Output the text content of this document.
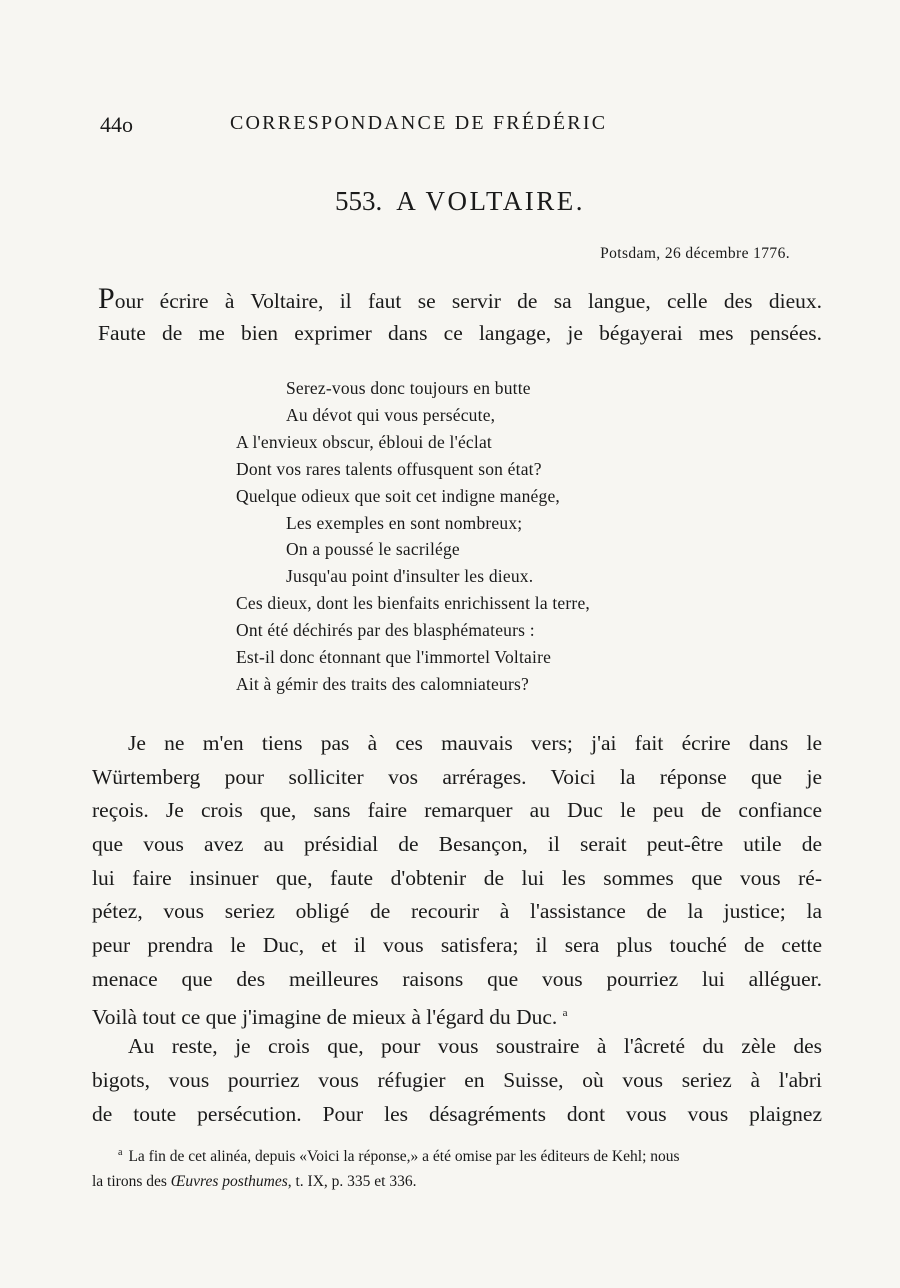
44o	CORRESPONDANCE DE FRÉDÉRIC
553. A VOLTAIRE.
Potsdam, 26 décembre 1776.
Pour écrire à Voltaire, il faut se servir de sa langue, celle des dieux.
Faute de me bien exprimer dans ce langage, je bégayerai mes pensées.
Serez-vous donc toujours en butte
Au dévot qui vous persécute,
A l'envieux obscur, ébloui de l'éclat
Dont vos rares talents offusquent son état?
Quelque odieux que soit cet indigne manége,
Les exemples en sont nombreux;
On a poussé le sacrilége
Jusqu'au point d'insulter les dieux.
Ces dieux, dont les bienfaits enrichissent la terre,
Ont été déchirés par des blasphémateurs :
Est-il donc étonnant que l'immortel Voltaire
Ait à gémir des traits des calomniateurs?
Je ne m'en tiens pas à ces mauvais vers; j'ai fait écrire dans le
Würtemberg pour solliciter vos arrérages. Voici la réponse que je
reçois. Je crois que, sans faire remarquer au Duc le peu de confiance
que vous avez au présidial de Besançon, il serait peut-être utile de
lui faire insinuer que, faute d'obtenir de lui les sommes que vous ré-
pétez, vous seriez obligé de recourir à l'assistance de la justice; la
peur prendra le Duc, et il vous satisfera; il sera plus touché de cette
menace que des meilleures raisons que vous pourriez lui alléguer.
Voilà tout ce que j'imagine de mieux à l'égard du Duc. $^a$
Au reste, je crois que, pour vous soustraire à l'âcreté du zèle des
bigots, vous pourriez vous réfugier en Suisse, où vous seriez à l'abri
de toute persécution. Pour les désagréments dont vous vous plaignez
$^a$ La fin de cet alinéa, depuis «Voici la réponse,» a été omise par les éditeurs de Kehl; nous
la tirons des Œuvres posthumes, t. IX, p. 335 et 336.
